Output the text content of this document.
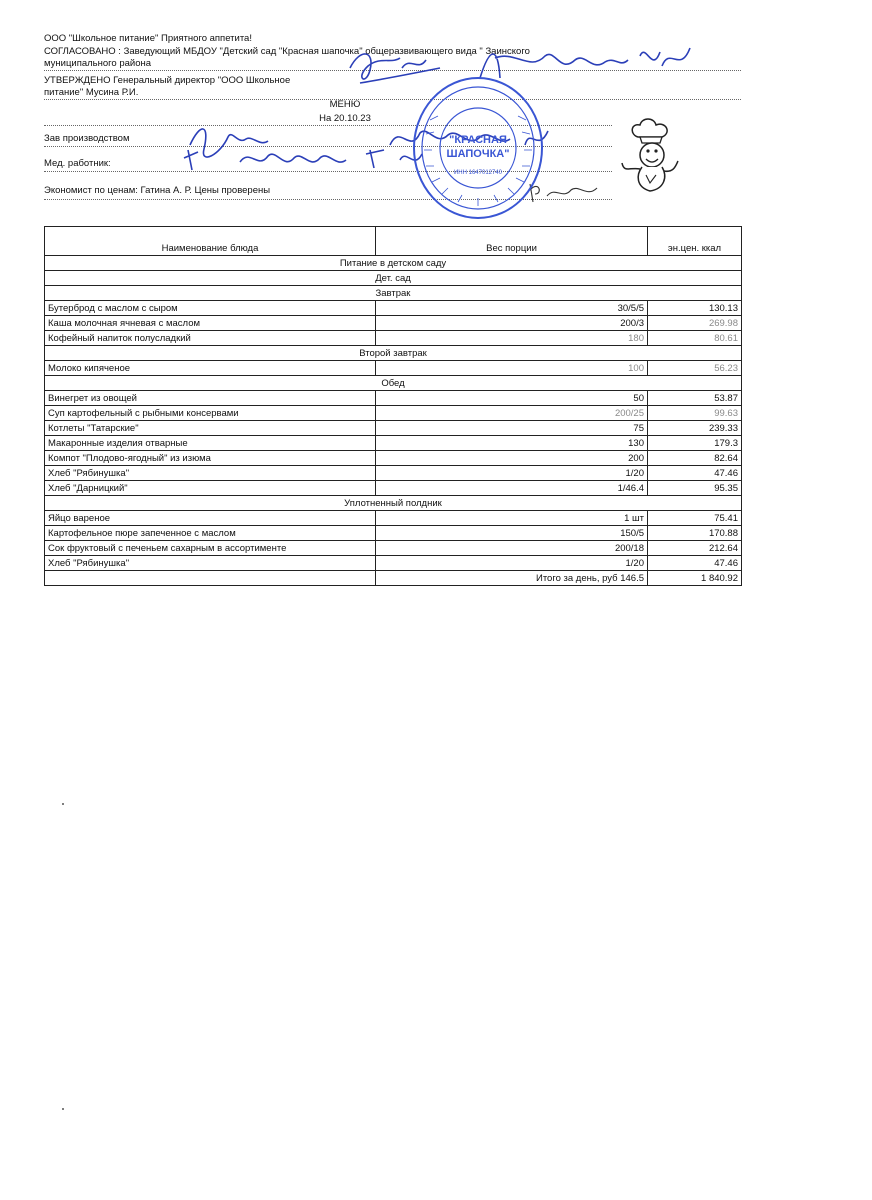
ООО "Школьное питание" Приятного аппетита!
СОГЛАСОВАНО : Заведующий МБДОУ "Детский сад "Красная шапочка" общеразвивающего вида " Заинского
муниципального района
УТВЕРЖДЕНО Генеральный директор "ООО Школьное
питание" Мусина Р.И.
МЕНЮ
На 20.10.23
Зав производством
Мед. работник:
Экономист по ценам: Гатина А. Р. Цены проверены
"КРАСНАЯ
ШАПОЧКА"
ИНН 1647012740
Наименование блюда	Вес порции	эн.цен. ккал
Питание в детском саду		
Дет. сад		
Завтрак		
Бутерброд с маслом с сыром	30/5/5	130.13
Каша молочная ячневая с маслом	200/3	269.98
Кофейный напиток полусладкий	180	80.61
Второй завтрак		
Молоко кипяченое	100	56.23
Обед		
Винегрет из овощей	50	53.87
Суп картофельный с рыбными консервами	200/25	99.63
Котлеты "Татарские"	75	239.33
Макаронные изделия отварные	130	179.3
Компот "Плодово-ягодный" из изюма	200	82.64
Хлеб "Рябинушка"	1/20	47.46
Хлеб "Дарницкий"	1/46.4	95.35
Уплотненный полдник		
Яйцо вареное	1 шт	75.41
Картофельное пюре запеченное с маслом	150/5	170.88
Сок фруктовый с печеньем сахарным в ассортименте	200/18	212.64
Хлеб "Рябинушка"	1/20	47.46
	Итого за день, руб 146.5	1 840.92
